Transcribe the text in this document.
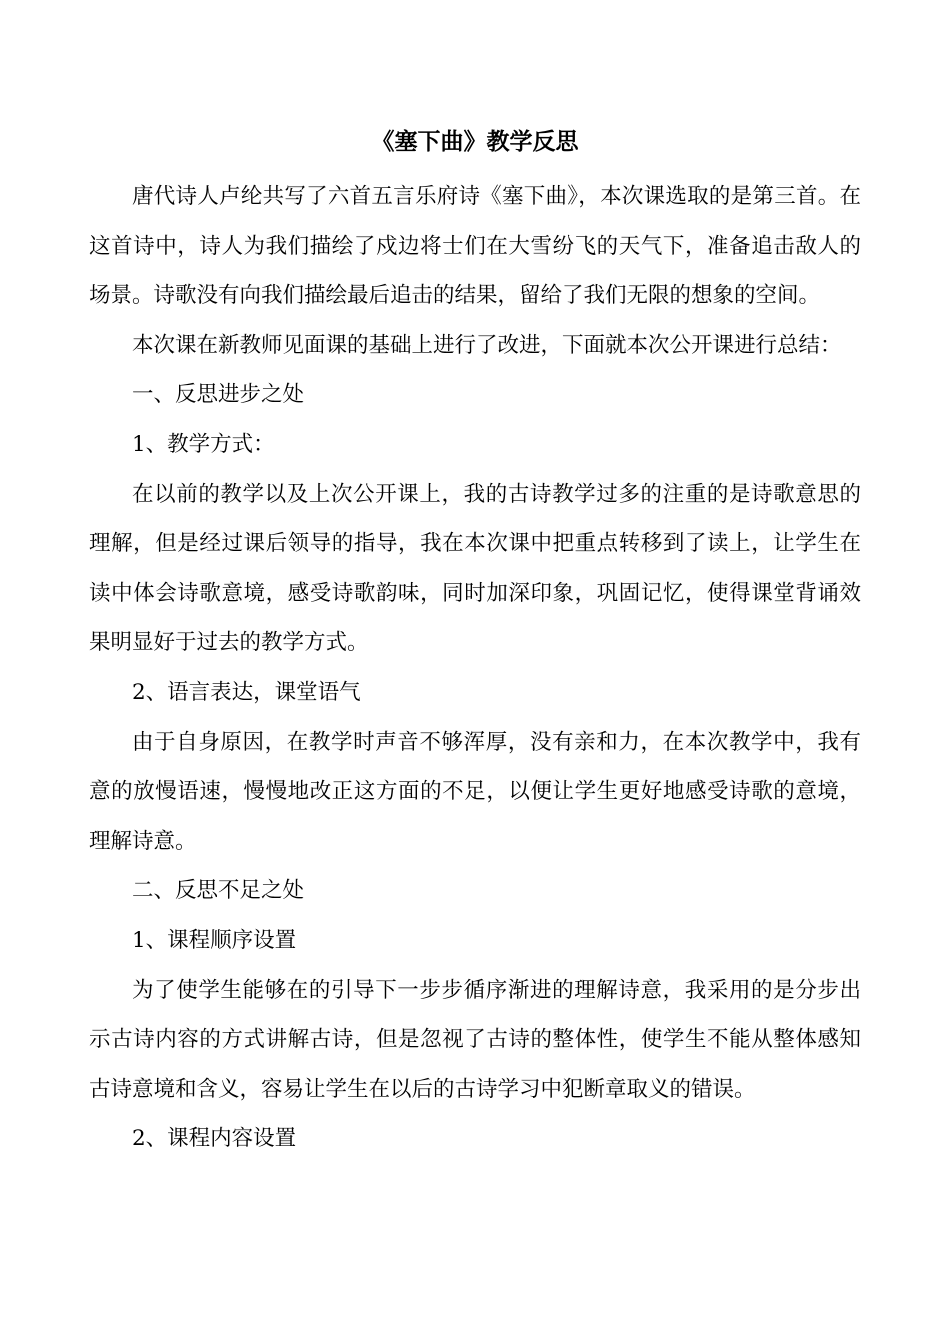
《塞下曲》教学反思

唐代诗人卢纶共写了六首五言乐府诗《塞下曲》，本次课选取的是第三首。在这首诗中，诗人为我们描绘了戍边将士们在大雪纷飞的天气下，准备追击敌人的场景。诗歌没有向我们描绘最后追击的结果，留给了我们无限的想象的空间。

本次课在新教师见面课的基础上进行了改进，下面就本次公开课进行总结：

一、反思进步之处

1、教学方式：

在以前的教学以及上次公开课上，我的古诗教学过多的注重的是诗歌意思的理解，但是经过课后领导的指导，我在本次课中把重点转移到了读上，让学生在读中体会诗歌意境，感受诗歌韵味，同时加深印象，巩固记忆，使得课堂背诵效果明显好于过去的教学方式。

2、语言表达，课堂语气

由于自身原因，在教学时声音不够浑厚，没有亲和力，在本次教学中，我有意的放慢语速，慢慢地改正这方面的不足，以便让学生更好地感受诗歌的意境，理解诗意。

二、反思不足之处

1、课程顺序设置

为了使学生能够在的引导下一步步循序渐进的理解诗意，我采用的是分步出示古诗内容的方式讲解古诗，但是忽视了古诗的整体性，使学生不能从整体感知古诗意境和含义，容易让学生在以后的古诗学习中犯断章取义的错误。

2、课程内容设置
